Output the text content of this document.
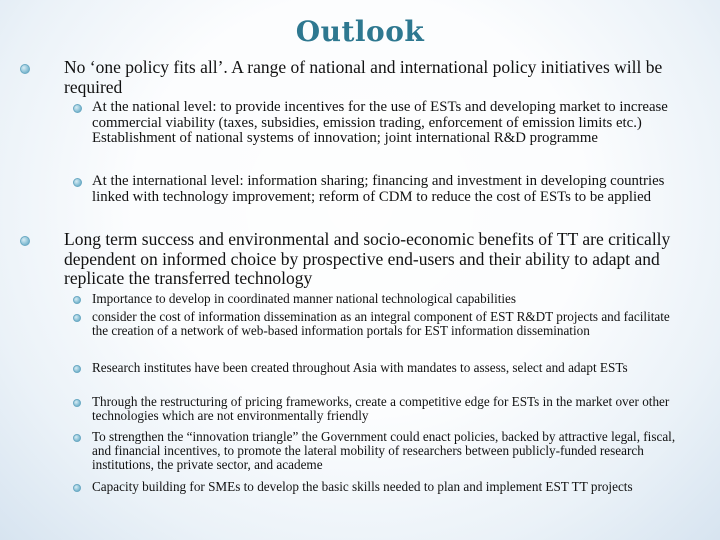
Outlook
No ‘one policy fits all’. A range of national and international policy initiatives will be required
At the national level: to provide incentives for the use of ESTs and developing market to increase commercial viability (taxes, subsidies, emission trading, enforcement of emission limits etc.) Establishment of national systems of innovation; joint international R&D programme
At the international level: information sharing; financing and investment in developing countries linked with technology improvement; reform of CDM to reduce the cost of ESTs to be applied
Long term success and environmental and socio-economic benefits of TT are critically dependent on informed choice by prospective end-users and their ability to adapt and replicate the transferred technology
Importance to develop in coordinated manner national technological capabilities
consider the cost of information dissemination as an integral component of EST R&DT projects and facilitate the creation of a network of web-based information portals for EST information dissemination
Research institutes have been created throughout Asia with mandates to assess, select and adapt ESTs
Through the restructuring of pricing frameworks, create a competitive edge for ESTs in the market over other technologies which are not environmentally friendly
To strengthen the “innovation triangle” the Government could enact policies, backed by attractive legal, fiscal, and financial incentives, to promote the lateral mobility of researchers between publicly-funded research institutions, the private sector, and academe
Capacity building for SMEs to develop the basic skills needed to plan and implement EST TT projects
